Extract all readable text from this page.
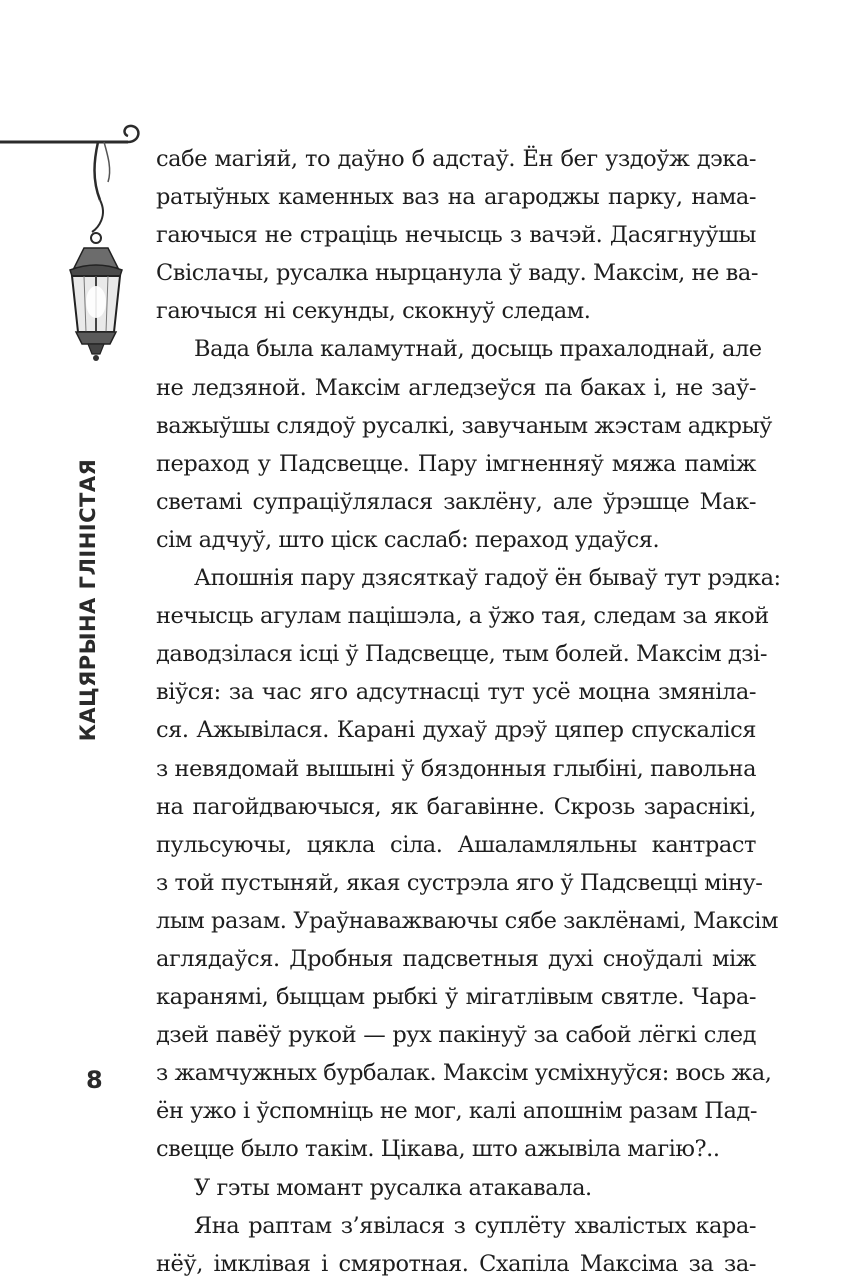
КАЦЯРЫНА ГЛІНІСТАЯ
8
сабе магіяй, то даўно б адстаў. Ён бег уздоўж дэка-
ратыўных каменных ваз на агароджы парку, нама-
гаючыся не страціць нечысць з вачэй. Дасягнуўшы
Свіслачы, русалка нырцанула ў ваду. Максім, не ва-
гаючыся ні секунды, скокнуў следам.
Вада была каламутнай, досыць прахалоднай, але
не ледзяной. Максім агледзеўся па баках і, не заў-
важыўшы слядоў русалкі, завучаным жэстам адкрыў
пераход у Падсвецце. Пару імгненняў мяжа паміж
светамі супраціўлялася заклёну, але ўрэшце Мак-
сім адчуў, што ціск саслаб: пераход удаўся.
Апошнія пару дзясяткаў гадоў ён бываў тут рэдка:
нечысць агулам пацішэла, а ўжо тая, следам за якой
даводзілася ісці ў Падсвецце, тым болей. Максім дзі-
віўся: за час яго адсутнасці тут усё моцна змяніла-
ся. Ажывілася. Карані духаў дрэў цяпер спускаліся
з невядомай вышыні ў бяздонныя глыбіні, павольна
на пагойдваючыся, як багавінне. Скрозь зараснікі,
пульсуючы, цякла сіла. Ашаламляльны кантраст
з той пустыняй, якая сустрэла яго ў Падсвецці міну-
лым разам. Ураўнаважваючы сябе заклёнамі, Максім
аглядаўся. Дробныя падсветныя духі сноўдалі між
каранямі, быццам рыбкі ў мігатлівым святле. Чара-
дзей павёў рукой — рух пакінуў за сабой лёгкі след
з жамчужных бурбалак. Максім усміхнуўся: вось жа,
ён ужо і ўспомніць не мог, калі апошнім разам Пад-
свецце было такім. Цікава, што ажывіла магію?..
У гэты момант русалка атакавала.
Яна раптам з’явілася з суплёту хвалістых кара-
нёў, імклівая і смяротная. Схапіла Максіма за за-
